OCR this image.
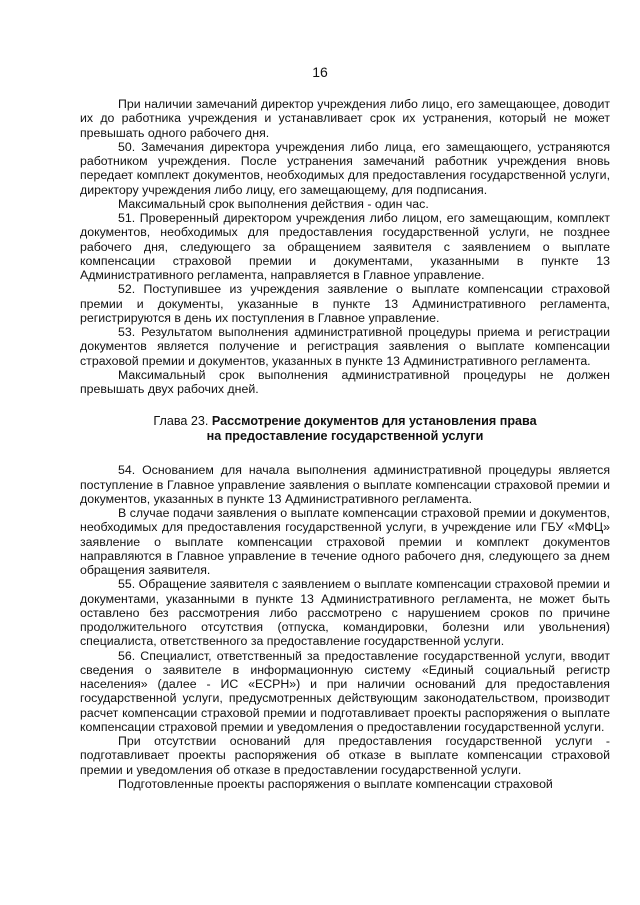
16

При наличии замечаний директор учреждения либо лицо, его замещающее, доводит их до работника учреждения и устанавливает срок их устранения, который не может превышать одного рабочего дня.

50. Замечания директора учреждения либо лица, его замещающего, устраняются работником учреждения. После устранения замечаний работник учреждения вновь передает комплект документов, необходимых для предоставления государственной услуги, директору учреждения либо лицу, его замещающему, для подписания.

Максимальный срок выполнения действия - один час.

51. Проверенный директором учреждения либо лицом, его замещающим, комплект документов, необходимых для предоставления государственной услуги, не позднее рабочего дня, следующего за обращением заявителя с заявлением о выплате компенсации страховой премии и документами, указанными в пункте 13 Административного регламента, направляется в Главное управление.

52. Поступившее из учреждения заявление о выплате компенсации страховой премии и документы, указанные в пункте 13 Административного регламента, регистрируются в день их поступления в Главное управление.

53. Результатом выполнения административной процедуры приема и регистрации документов является получение и регистрация заявления о выплате компенсации страховой премии и документов, указанных в пункте 13 Административного регламента.

Максимальный срок выполнения административной процедуры не должен превышать двух рабочих дней.

Глава 23. Рассмотрение документов для установления права
на предоставление государственной услуги

54. Основанием для начала выполнения административной процедуры является поступление в Главное управление заявления о выплате компенсации страховой премии и документов, указанных в пункте 13 Административного регламента.

В случае подачи заявления о выплате компенсации страховой премии и документов, необходимых для предоставления государственной услуги, в учреждение или ГБУ «МФЦ» заявление о выплате компенсации страховой премии и комплект документов направляются в Главное управление в течение одного рабочего дня, следующего за днем обращения заявителя.

55. Обращение заявителя с заявлением о выплате компенсации страховой премии и документами, указанными в пункте 13 Административного регламента, не может быть оставлено без рассмотрения либо рассмотрено с нарушением сроков по причине продолжительного отсутствия (отпуска, командировки, болезни или увольнения) специалиста, ответственного за предоставление государственной услуги.

56. Специалист, ответственный за предоставление государственной услуги, вводит сведения о заявителе в информационную систему «Единый социальный регистр населения» (далее - ИС «ЕСРН») и при наличии оснований для предоставления государственной услуги, предусмотренных действующим законодательством, производит расчет компенсации страховой премии и подготавливает проекты распоряжения о выплате компенсации страховой премии и уведомления о предоставлении государственной услуги.

При отсутствии оснований для предоставления государственной услуги - подготавливает проекты распоряжения об отказе в выплате компенсации страховой премии и уведомления об отказе в предоставлении государственной услуги.

Подготовленные проекты распоряжения о выплате компенсации страховой
